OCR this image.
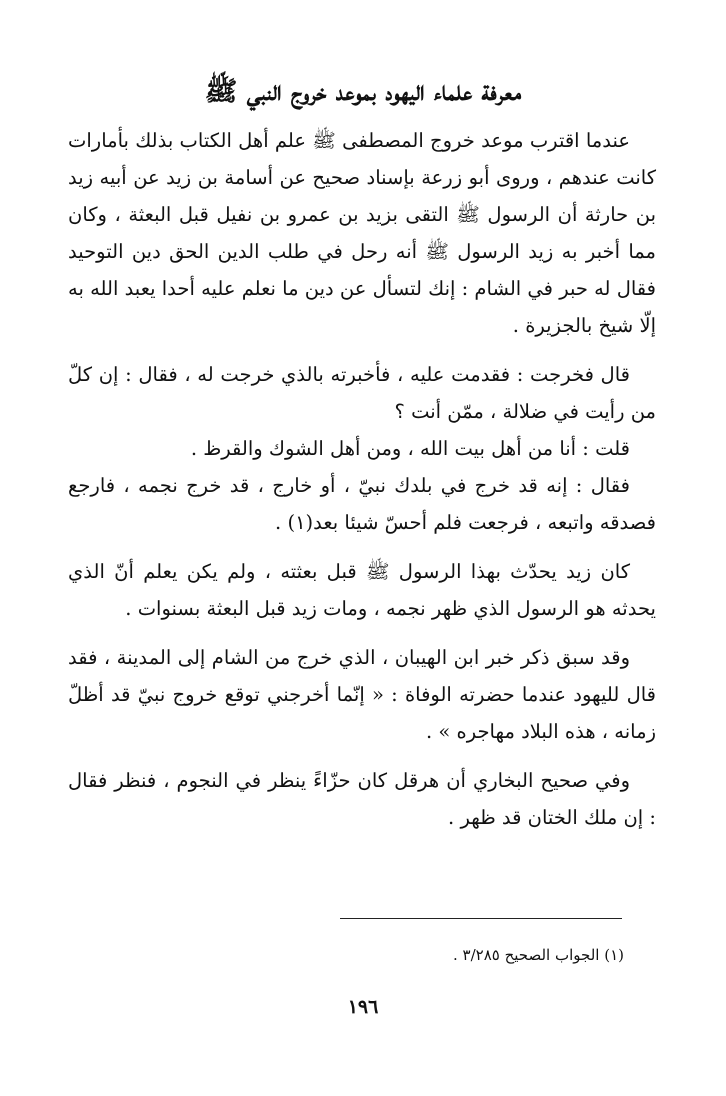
معرفة علماء اليهود بموعد خروج النبي ﷺ

عندما اقترب موعد خروج المصطفى ﷺ علم أهل الكتاب بذلك بأمارات كانت عندهم ، وروى أبو زرعة بإسناد صحيح عن أسامة بن زيد عن أبيه زيد بن حارثة أن الرسول ﷺ التقى بزيد بن عمرو بن نفيل قبل البعثة ، وكان مما أخبر به زيد الرسول ﷺ أنه رحل في طلب الدين الحق دين التوحيد فقال له حبر في الشام : إنك لتسأل عن دين ما نعلم عليه أحدا يعبد الله به إلّا شيخ بالجزيرة .

قال فخرجت : فقدمت عليه ، فأخبرته بالذي خرجت له ، فقال : إن كلّ من رأيت في ضلالة ، ممّن أنت ؟

قلت : أنا من أهل بيت الله ، ومن أهل الشوك والقرظ .

فقال : إنه قد خرج في بلدك نبيّ ، أو خارج ، قد خرج نجمه ، فارجع فصدقه واتبعه ، فرجعت فلم أحسّ شيئا بعد(١) .

كان زيد يحدّث بهذا الرسول ﷺ قبل بعثته ، ولم يكن يعلم أنّ الذي يحدثه هو الرسول الذي ظهر نجمه ، ومات زيد قبل البعثة بسنوات .

وقد سبق ذكر خبر ابن الهيبان ، الذي خرج من الشام إلى المدينة ، فقد قال لليهود عندما حضرته الوفاة : « إنّما أخرجني توقع خروج نبيّ قد أظلّ زمانه ، هذه البلاد مهاجره » .

وفي صحيح البخاري أن هرقل كان حزّاءً ينظر في النجوم ، فنظر فقال : إن ملك الختان قد ظهر .

(١) الجواب الصحيح ٣/٢٨٥ .
١٩٦
